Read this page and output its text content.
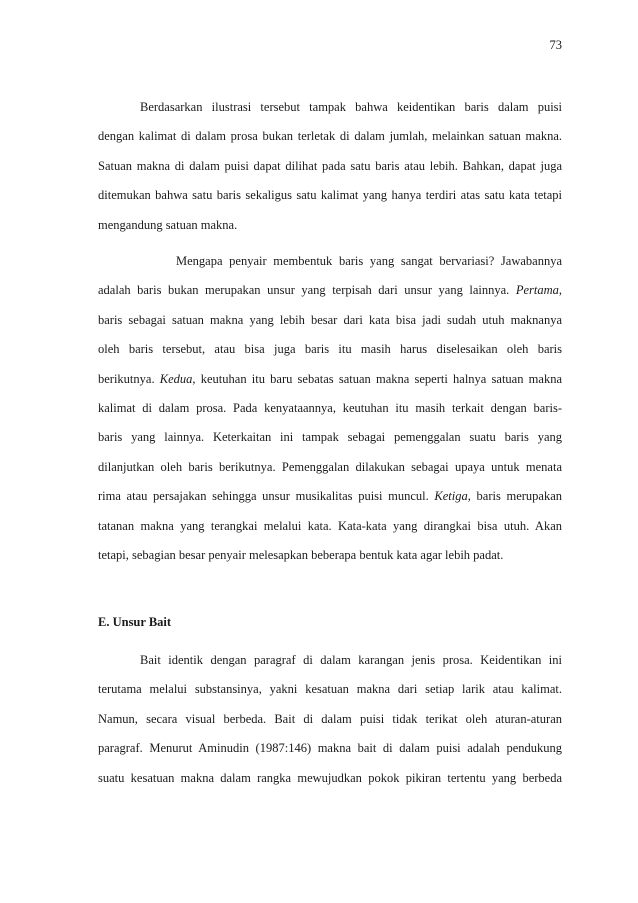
73
Berdasarkan ilustrasi tersebut tampak bahwa keidentikan baris dalam puisi
dengan kalimat di dalam prosa bukan terletak di dalam jumlah, melainkan satuan makna.
Satuan makna di dalam puisi dapat dilihat pada satu baris atau lebih. Bahkan, dapat juga
ditemukan bahwa satu baris sekaligus satu kalimat yang hanya terdiri atas satu kata tetapi
mengandung satuan makna.
Mengapa penyair membentuk baris yang sangat bervariasi? Jawabannya
adalah baris bukan merupakan unsur yang terpisah dari unsur yang lainnya. Pertama,
baris sebagai satuan makna yang lebih besar dari kata bisa jadi sudah utuh maknanya
oleh baris tersebut, atau bisa juga baris itu masih harus diselesaikan oleh baris
berikutnya. Kedua, keutuhan itu baru sebatas satuan makna seperti halnya satuan makna
kalimat di dalam prosa. Pada kenyataannya, keutuhan itu masih terkait dengan baris-
baris yang lainnya. Keterkaitan ini tampak sebagai pemenggalan suatu baris yang
dilanjutkan oleh baris berikutnya. Pemenggalan dilakukan sebagai upaya untuk menata
rima atau persajakan sehingga unsur musikalitas puisi muncul. Ketiga, baris merupakan
tatanan makna yang terangkai melalui kata. Kata-kata yang dirangkai bisa utuh. Akan
tetapi, sebagian besar penyair melesapkan beberapa bentuk kata agar lebih padat.
E. Unsur Bait
Bait identik dengan paragraf di dalam karangan jenis prosa. Keidentikan ini
terutama melalui substansinya, yakni kesatuan makna dari setiap larik atau kalimat.
Namun, secara visual berbeda. Bait di dalam puisi tidak terikat oleh aturan-aturan
paragraf. Menurut Aminudin (1987:146) makna bait di dalam puisi adalah pendukung
suatu kesatuan makna dalam rangka mewujudkan pokok pikiran tertentu yang berbeda
